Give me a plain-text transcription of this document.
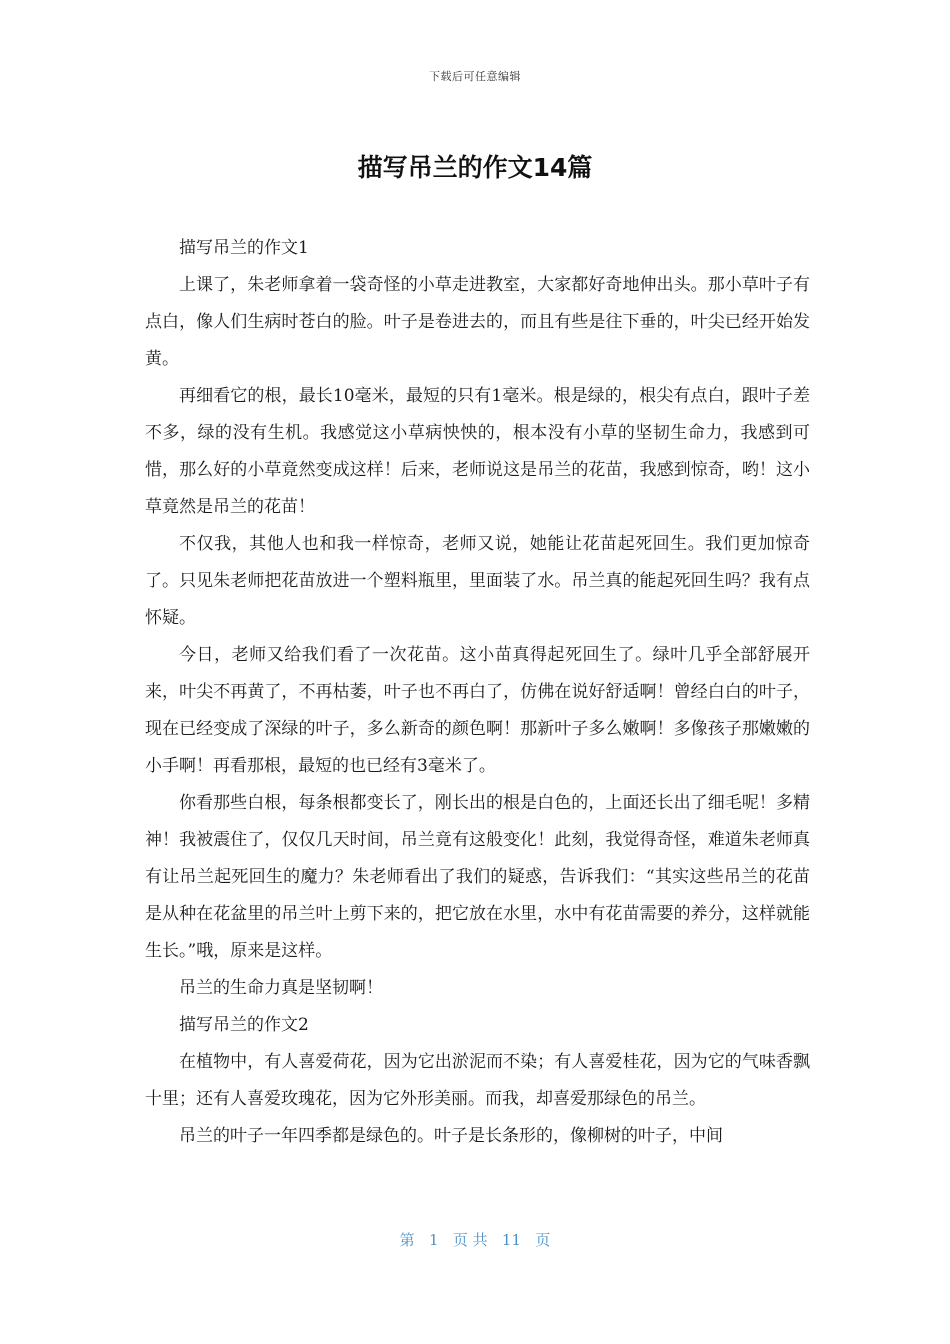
下载后可任意编辑
描写吊兰的作文14篇

描写吊兰的作文1

上课了，朱老师拿着一袋奇怪的小草走进教室，大家都好奇地伸出头。那小草叶子有点白，像人们生病时苍白的脸。叶子是卷进去的，而且有些是往下垂的，叶尖已经开始发黄。

再细看它的根，最长10毫米，最短的只有1毫米。根是绿的，根尖有点白，跟叶子差不多，绿的没有生机。我感觉这小草病怏怏的，根本没有小草的坚韧生命力，我感到可惜，那么好的小草竟然变成这样！后来，老师说这是吊兰的花苗，我感到惊奇，哟！这小草竟然是吊兰的花苗！

不仅我，其他人也和我一样惊奇，老师又说，她能让花苗起死回生。我们更加惊奇了。只见朱老师把花苗放进一个塑料瓶里，里面装了水。吊兰真的能起死回生吗？我有点怀疑。

今日，老师又给我们看了一次花苗。这小苗真得起死回生了。绿叶几乎全部舒展开来，叶尖不再黄了，不再枯萎，叶子也不再白了，仿佛在说好舒适啊！曾经白白的叶子，现在已经变成了深绿的叶子，多么新奇的颜色啊！那新叶子多么嫩啊！多像孩子那嫩嫩的小手啊！再看那根，最短的也已经有3毫米了。

你看那些白根，每条根都变长了，刚长出的根是白色的，上面还长出了细毛呢！多精神！我被震住了，仅仅几天时间，吊兰竟有这般变化！此刻，我觉得奇怪，难道朱老师真有让吊兰起死回生的魔力？朱老师看出了我们的疑惑，告诉我们：“其实这些吊兰的花苗是从种在花盆里的吊兰叶上剪下来的，把它放在水里，水中有花苗需要的养分，这样就能生长。”哦，原来是这样。

吊兰的生命力真是坚韧啊！

描写吊兰的作文2

在植物中，有人喜爱荷花，因为它出淤泥而不染；有人喜爱桂花，因为它的气味香飘十里；还有人喜爱玫瑰花，因为它外形美丽。而我，却喜爱那绿色的吊兰。

吊兰的叶子一年四季都是绿色的。叶子是长条形的，像柳树的叶子，中间

第 1 页 共 11 页
